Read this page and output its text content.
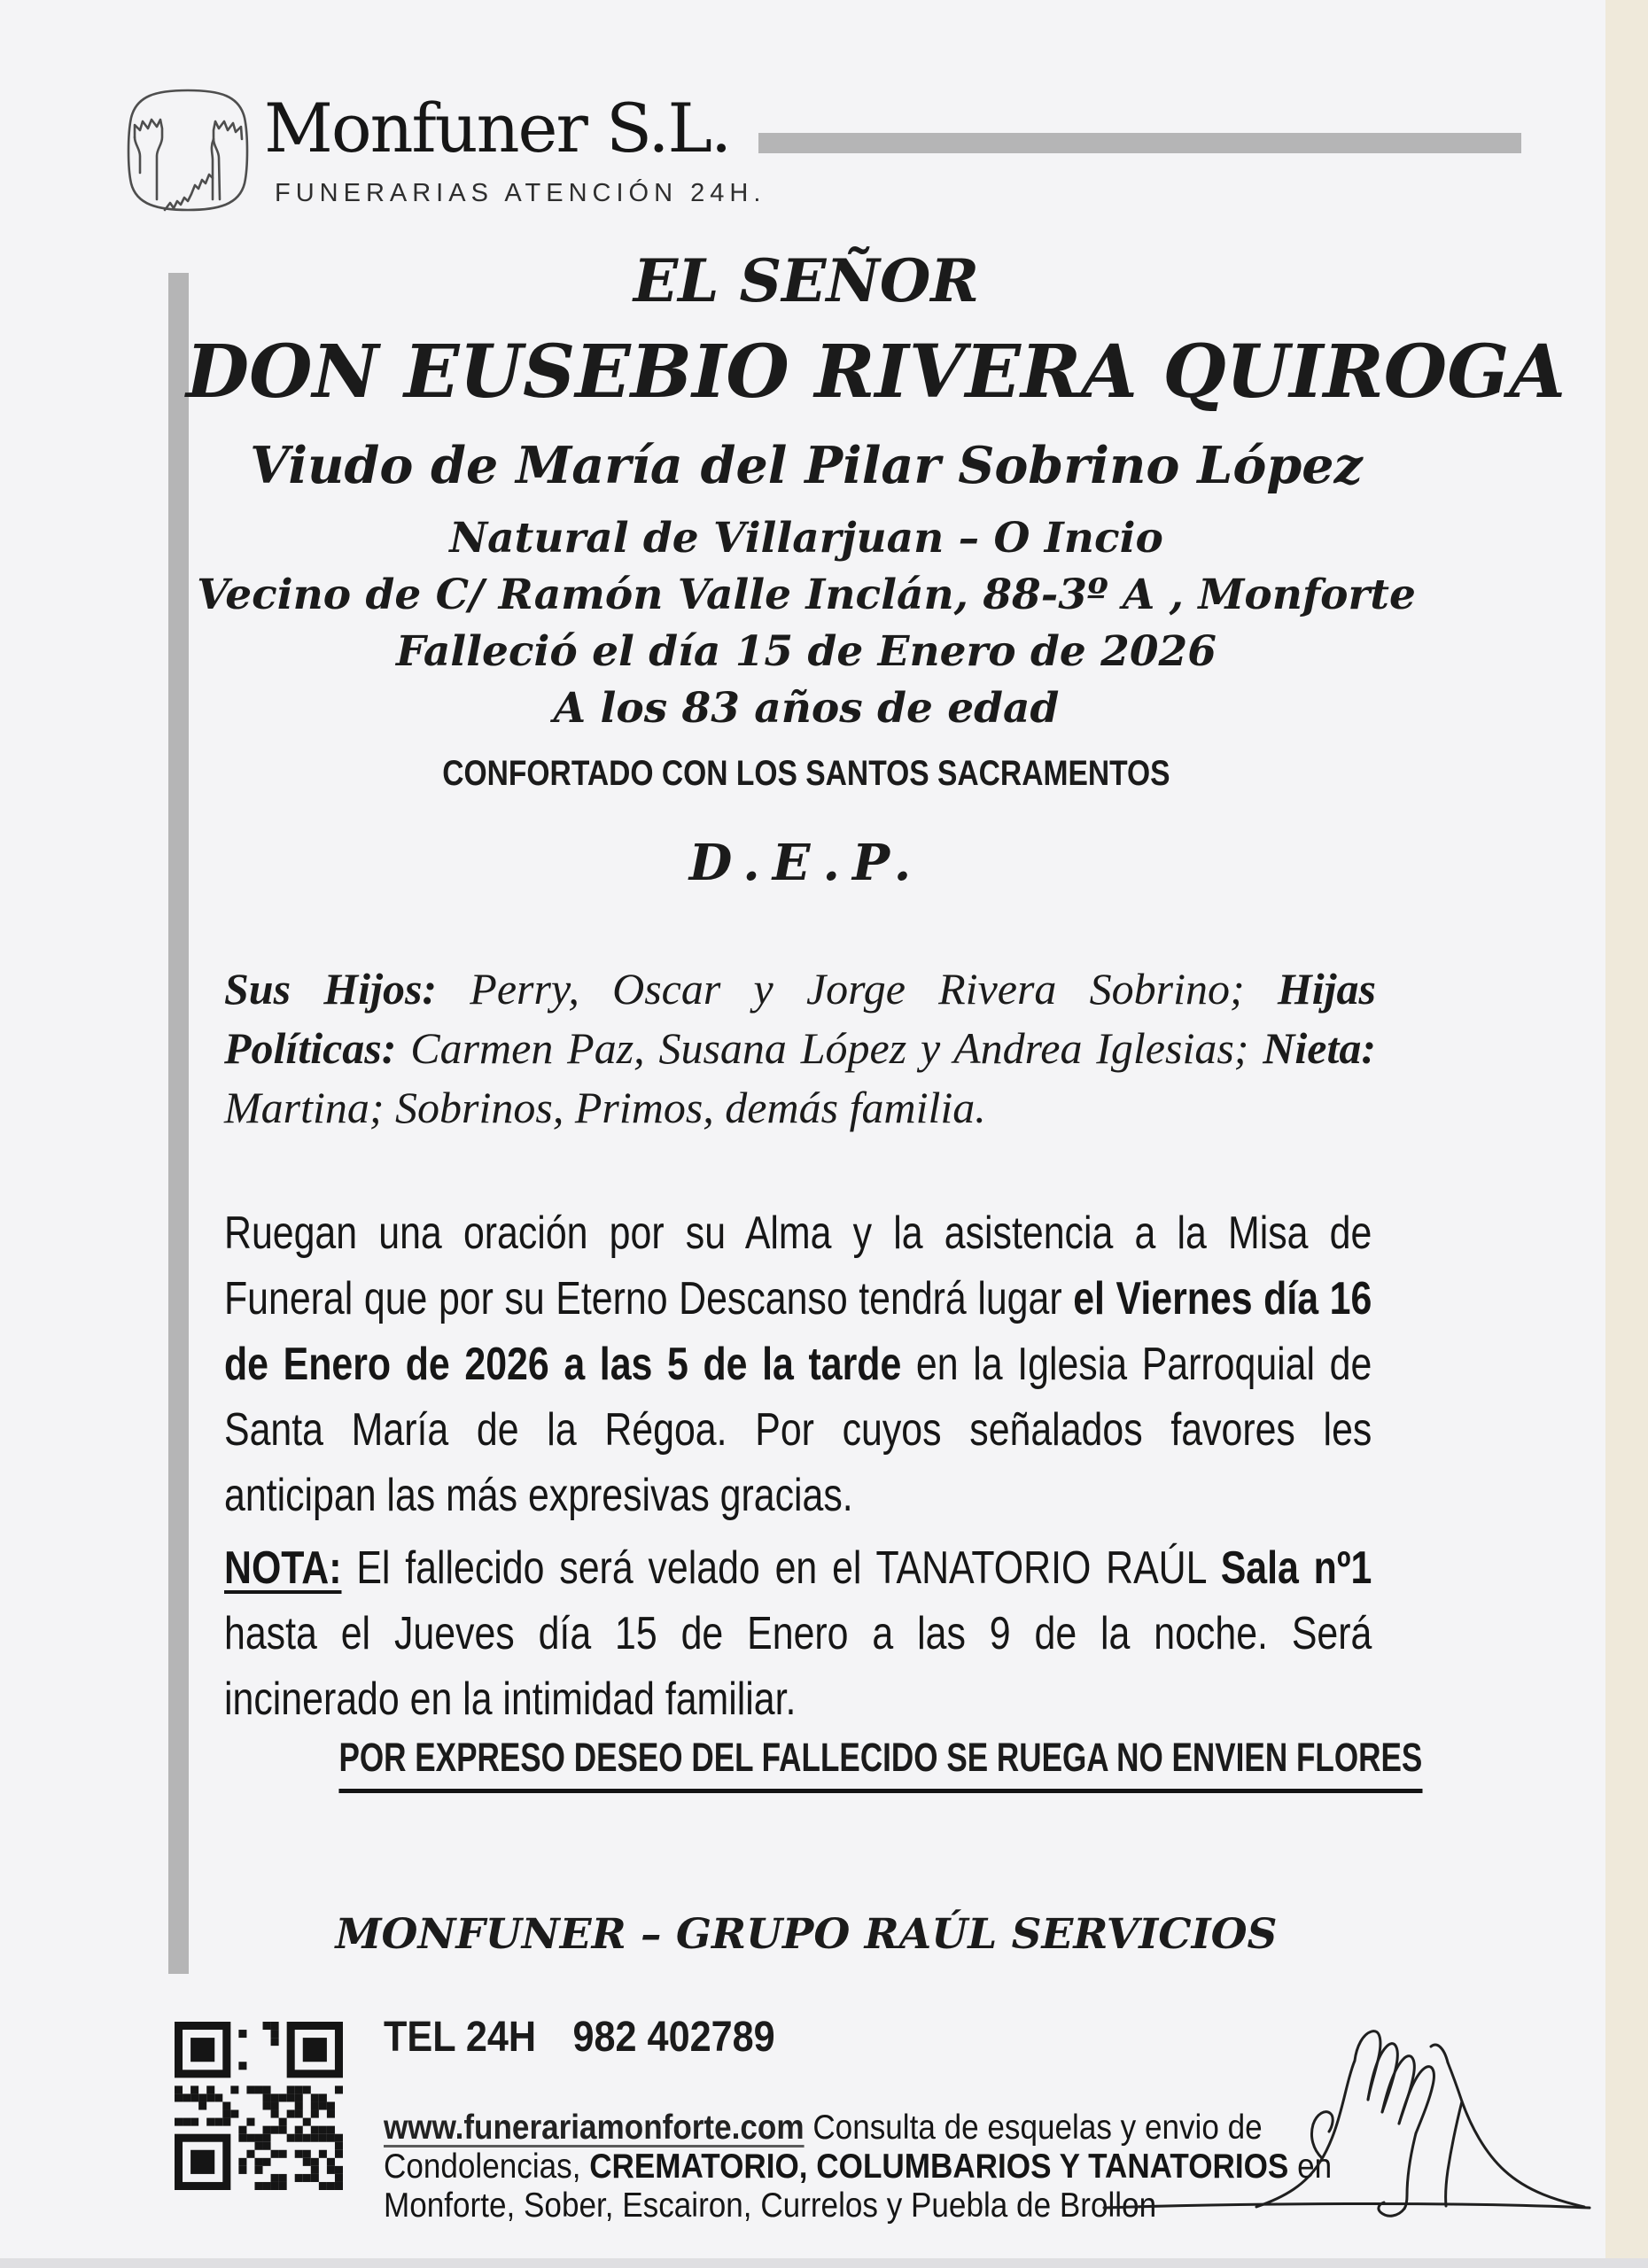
Monfuner S.L.
FUNERARIAS ATENCIÓN 24H.
EL SEÑOR
DON EUSEBIO RIVERA QUIROGA
Viudo de María del Pilar Sobrino López
Natural de Villarjuan – O Incio
Vecino de C/ Ramón Valle Inclán, 88-3º A , Monforte
Falleció el día 15 de Enero de 2026
A los 83 años de edad
CONFORTADO CON LOS SANTOS SACRAMENTOS
D.E.P.
Sus Hijos: Perry, Oscar y Jorge Rivera Sobrino; Hijas Políticas: Carmen Paz, Susana López y Andrea Iglesias; Nieta: Martina; Sobrinos, Primos, demás familia.
Ruegan una oración por su Alma y la asistencia a la Misa de Funeral que por su Eterno Descanso tendrá lugar el Viernes día 16 de Enero de 2026 a las 5 de la tarde en la Iglesia Parroquial de Santa María de la Régoa. Por cuyos señalados favores les anticipan las más expresivas gracias.
NOTA: El fallecido será velado en el TANATORIO RAÚL Sala nº1 hasta el Jueves día 15 de Enero a las 9 de la noche. Será incinerado en la intimidad familiar.
POR EXPRESO DESEO DEL FALLECIDO SE RUEGA NO ENVIEN FLORES
MONFUNER – GRUPO RAÚL SERVICIOS
TEL 24H 982 402789
www.funerariamonforte.com Consulta de esquelas y envio de
Condolencias, CREMATORIO, COLUMBARIOS Y TANATORIOS en
Monforte, Sober, Escairon, Currelos y Puebla de Brollon
